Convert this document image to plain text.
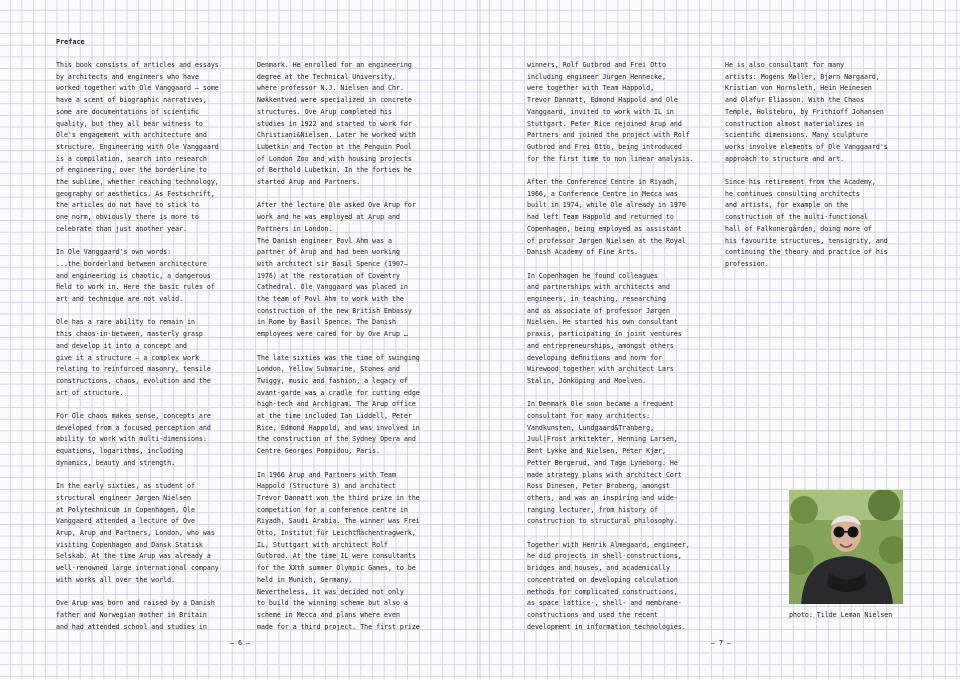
Preface

This book consists of articles and essays
by architects and engineers who have
worked together with Ole Vanggaard – some
have a scent of biographic narratives,
some are documentations of scientiﬁc
quality, but they all bear witness to
Ole's engagement with architecture and
structure. Engineering with Ole Vanggaard
is a compilation, search into research
of engineering, over the borderline to
the sublime, whether reaching technology,
geography or aesthetics. As Festschrift,
the articles do not have to stick to
one norm, obviously there is more to
celebrate than just another year.

In Ole Vanggaard's own words:
...the borderland between architecture
and engineering is chaotic, a dangerous
ﬁeld to work in. Here the basic rules of
art and technique are not valid.

Ole has a rare ability to remain in
this chaos-in-between, masterly grasp
and develop it into a concept and
give it a structure – a complex work
relating to reinforced masonry, tensile
constructions, chaos, evolution and the
art of structure.

For Ole chaos makes sense, concepts are
developed from a focused perception and
ability to work with multi-dimensions:
equations, logarithms, including
dynamics, beauty and strength.

In the early sixties, as student of
structural engineer Jørgen Nielsen
at Polytechnicum in Copenhagen, Ole
Vanggaard attended a lecture of Ove
Arup, Arup and Partners, London, who was
visiting Copenhagen and Dansk Statisk
Selskab. At the time Arup was already a
well-renowned large international company
with works all over the world.

Ove Arup was born and raised by a Danish
father and Norwegian mother in Britain
and had attended school and studies in

Denmark. He enrolled for an engineering
degree at the Technical University,
where professor N.J. Nielsen and Chr.
Nøkkentved were specialized in concrete
structures. Ove Arup completed his
studies in 1922 and started to work for
Christiani&Nielsen. Later he worked with
Lubetkin and Tecton at the Penguin Pool
of London Zoo and with housing projects
of Berthold Lubetkin. In the forties he
started Arup and Partners.

After the lecture Ole asked Ove Arup for
work and he was employed at Arup and
Partners in London.
The Danish engineer Povl Ahm was a
partner of Arup and had been working
with architect sir Basil Spence (1907–
1976) at the restoration of Coventry
Cathedral. Ole Vanggaard was placed in
the team of Povl Ahm to work with the
construction of the new British Embassy
in Rome by Basil Spence. The Danish
employees were cared for by Ove Arup …

The late sixties was the time of swinging
London, Yellow Submarine, Stones and
Twiggy, music and fashion, a legacy of
avant-garde was a cradle for cutting edge
high-tech and Archigram. The Arup office
at the time included Ian Liddell, Peter
Rice, Edmond Happold, and was involved in
the construction of the Sydney Opera and
Centre Georges Pompidou, Paris.

In 1966 Arup and Partners with Team
Happold (Structure 3) and architect
Trevor Dannatt won the third prize in the
competition for a conference centre in
Riyadh, Saudi Arabia. The winner was Frei
Otto, Institut für Leichtﬂächentragwerk,
IL, Stuttgart with architect Rolf
Gutbrod. At the time IL were consultants
for the XXth summer Olympic Games, to be
held in Munich, Germany.
Nevertheless, it was decided not only
to build the winning scheme but also a
scheme in Mecca and plans where even
made for a third project. The first prize

– 6 –

winners, Rolf Gutbrod and Frei Otto
including engineer Jürgen Hennecke,
were together with Team Happold,
Trevor Dannatt, Edmond Happold and Ole
Vanggaard, invited to work with IL in
Stuttgart. Peter Rice rejoined Arup and
Partners and joined the project with Rolf
Gutbrod and Frei Otto, being introduced
for the first time to non linear analysis.

After the Conference Centre in Riyadh,
1966, a Conference Centre in Mecca was
built in 1974, while Ole already in 1970
had left Team Happold and returned to
Copenhagen, being employed as assistant
of professor Jørgen Nielsen at the Royal
Danish Academy of Fine Arts.

In Copenhagen he found colleagues
and partnerships with architects and
engineers, in teaching, researching
and as associate of professor Jørgen
Nielsen. He started his own consultant
praxis, participating in joint ventures
and entrepreneurships, amongst others
developing deﬁnitions and norm for
Wirewood together with architect Lars
Stalin, Jönköping and Moelven.

In Denmark Ole soon became a frequent
consultant for many architects:
Vandkunsten, Lundgaard&Tranberg,
Juul|Frost arkitekter, Henning Larsen,
Bent Lykke and Nielsen, Peter Kjær,
Petter Bergerud, and Tage Lyneborg. He
made strategy plans with architect Cort
Ross Dinesen, Peter Broberg, amongst
others, and was an inspiring and wide-
ranging lecturer, from history of
construction to structural philosophy.

Together with Henrik Almegaard, engineer,
he did projects in shell-constructions,
bridges and houses, and academically
concentrated on developing calculation
methods for complicated constructions,
as space lattice-, shell- and membrane-
constructions and used the recent
development in information technologies.

He is also consultant for many
artists: Mogens Møller, Bjørn Nørgaard,
Kristian von Hornsleth, Hein Heinesen
and Olafur Eliasson. With the Chaos
Temple, Holstebro, by Frithioff Johansen
construction almost materializes in
scientiﬁc dimensions. Many sculpture
works involve elements of Ole Vanggaard's
approach to structure and art.

Since his retirement from the Academy,
he continues consulting architects
and artists, for example on the
construction of the multi-functional
hall of Falkonergården, doing more of
his favourite structures, tensigrity, and
continuing the theory and practice of his
profession.

photo: Tilde Leman Nielsen
– 7 –
